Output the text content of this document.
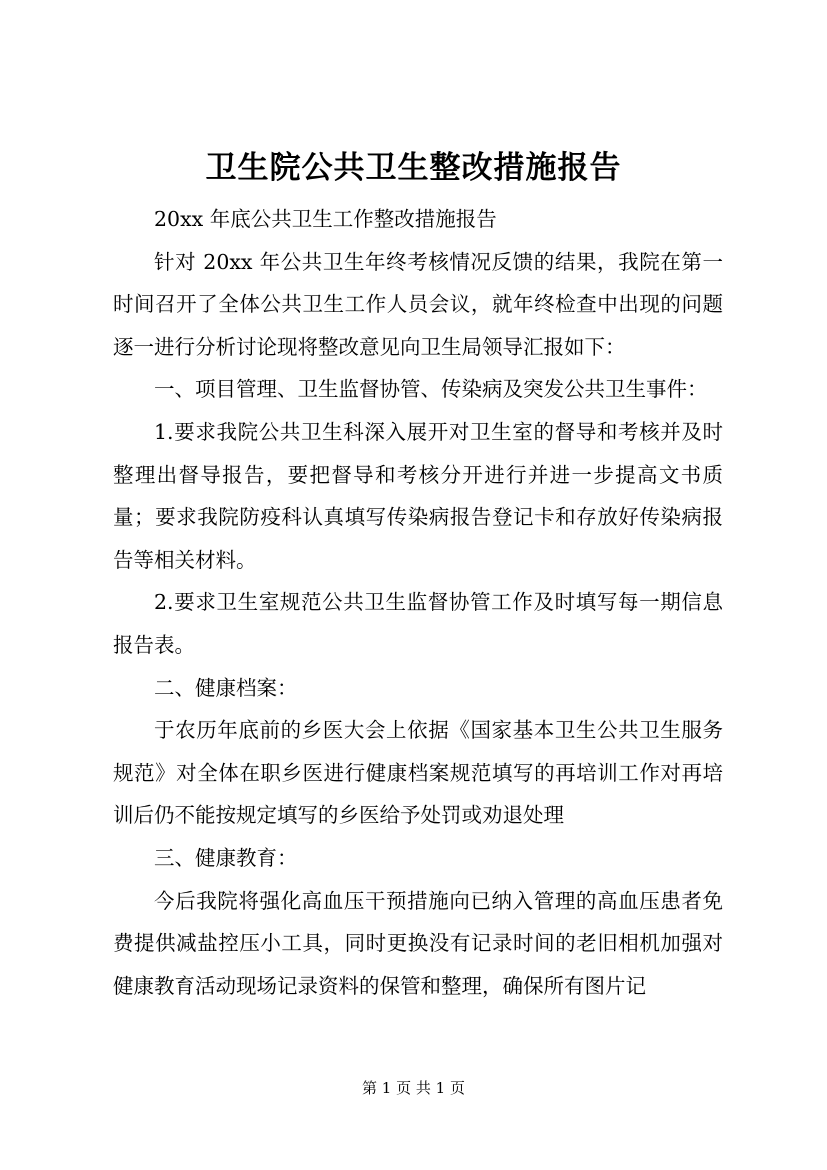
卫生院公共卫生整改措施报告

20xx 年底公共卫生工作整改措施报告

针对 20xx 年公共卫生年终考核情况反馈的结果，我院在第一时间召开了全体公共卫生工作人员会议，就年终检查中出现的问题逐一进行分析讨论现将整改意见向卫生局领导汇报如下：

一、项目管理、卫生监督协管、传染病及突发公共卫生事件：

1.要求我院公共卫生科深入展开对卫生室的督导和考核并及时整理出督导报告，要把督导和考核分开进行并进一步提高文书质量；要求我院防疫科认真填写传染病报告登记卡和存放好传染病报告等相关材料。

2.要求卫生室规范公共卫生监督协管工作及时填写每一期信息报告表。

二、健康档案：

于农历年底前的乡医大会上依据《国家基本卫生公共卫生服务规范》对全体在职乡医进行健康档案规范填写的再培训工作对再培训后仍不能按规定填写的乡医给予处罚或劝退处理

三、健康教育：

今后我院将强化高血压干预措施向已纳入管理的高血压患者免费提供减盐控压小工具，同时更换没有记录时间的老旧相机加强对健康教育活动现场记录资料的保管和整理，确保所有图片记

第 1 页 共 1 页
